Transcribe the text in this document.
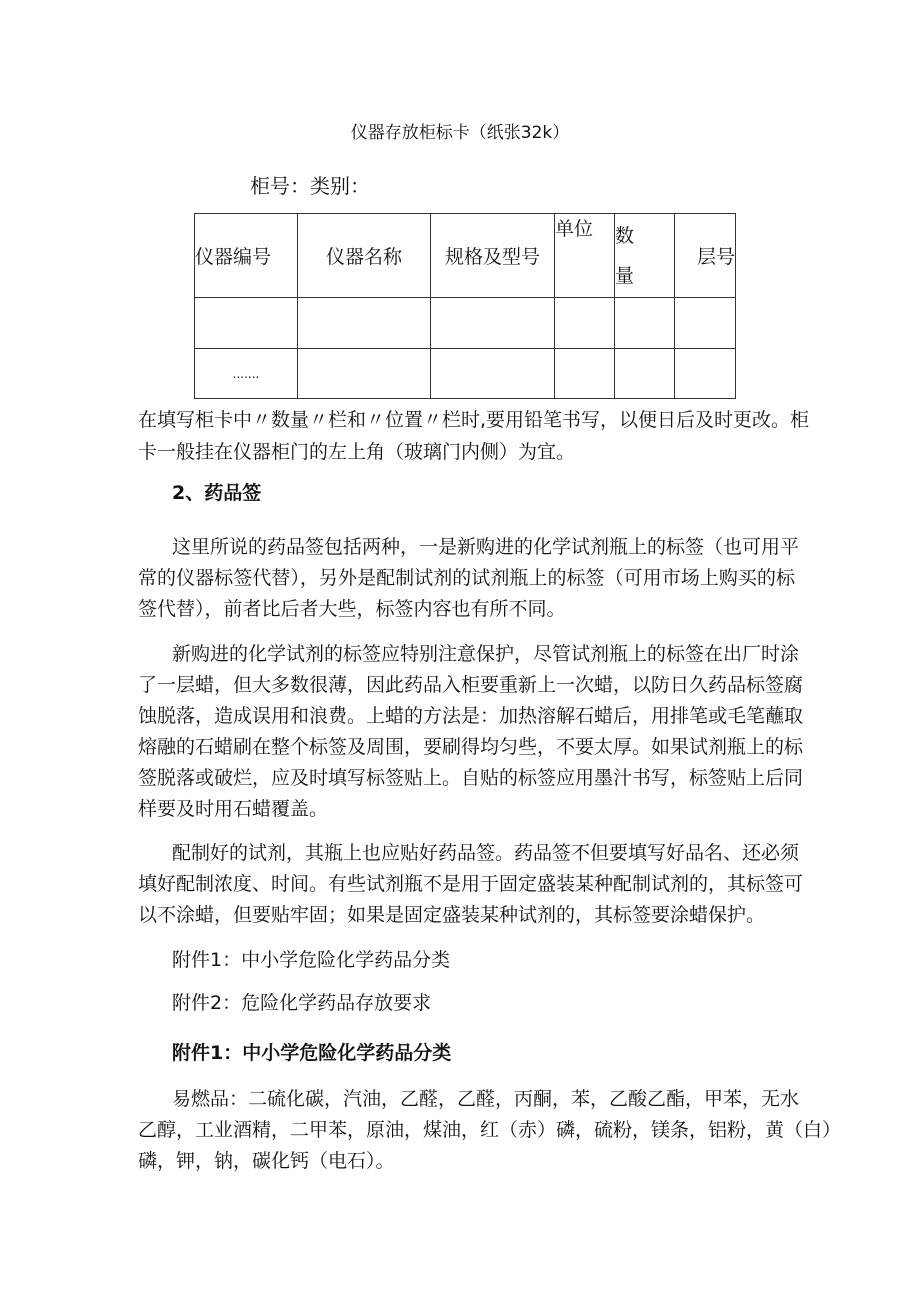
仪器存放柜标卡（纸张32k）
柜号：类别：
仪器编号	仪器名称	规格及型号	单位	数量	层号

.......					
在填写柜卡中〃数量〃栏和〃位置〃栏时,要用铅笔书写，以便日后及时更改。柜
卡一般挂在仪器柜门的左上角（玻璃门内侧）为宜。
2、药品签
这里所说的药品签包括两种，一是新购进的化学试剂瓶上的标签（也可用平
常的仪器标签代替），另外是配制试剂的试剂瓶上的标签（可用市场上购买的标
签代替），前者比后者大些，标签内容也有所不同。
新购进的化学试剂的标签应特别注意保护，尽管试剂瓶上的标签在出厂时涂
了一层蜡，但大多数很薄，因此药品入柜要重新上一次蜡，以防日久药品标签腐
蚀脱落，造成误用和浪费。上蜡的方法是：加热溶解石蜡后，用排笔或毛笔蘸取
熔融的石蜡刷在整个标签及周围，要刷得均匀些，不要太厚。如果试剂瓶上的标
签脱落或破烂，应及时填写标签贴上。自贴的标签应用墨汁书写，标签贴上后同
样要及时用石蜡覆盖。
配制好的试剂，其瓶上也应贴好药品签。药品签不但要填写好品名、还必须
填好配制浓度、时间。有些试剂瓶不是用于固定盛装某种配制试剂的，其标签可
以不涂蜡，但要贴牢固；如果是固定盛装某种试剂的，其标签要涂蜡保护。
附件1：中小学危险化学药品分类
附件2：危险化学药品存放要求
附件1：中小学危险化学药品分类
易燃品：二硫化碳，汽油，乙醛，乙醛，丙酮，苯，乙酸乙酯，甲苯，无水
乙醇，工业酒精，二甲苯，原油，煤油，红（赤）磷，硫粉，镁条，铝粉，黄（白）
磷，钾，钠，碳化钙（电石）。
